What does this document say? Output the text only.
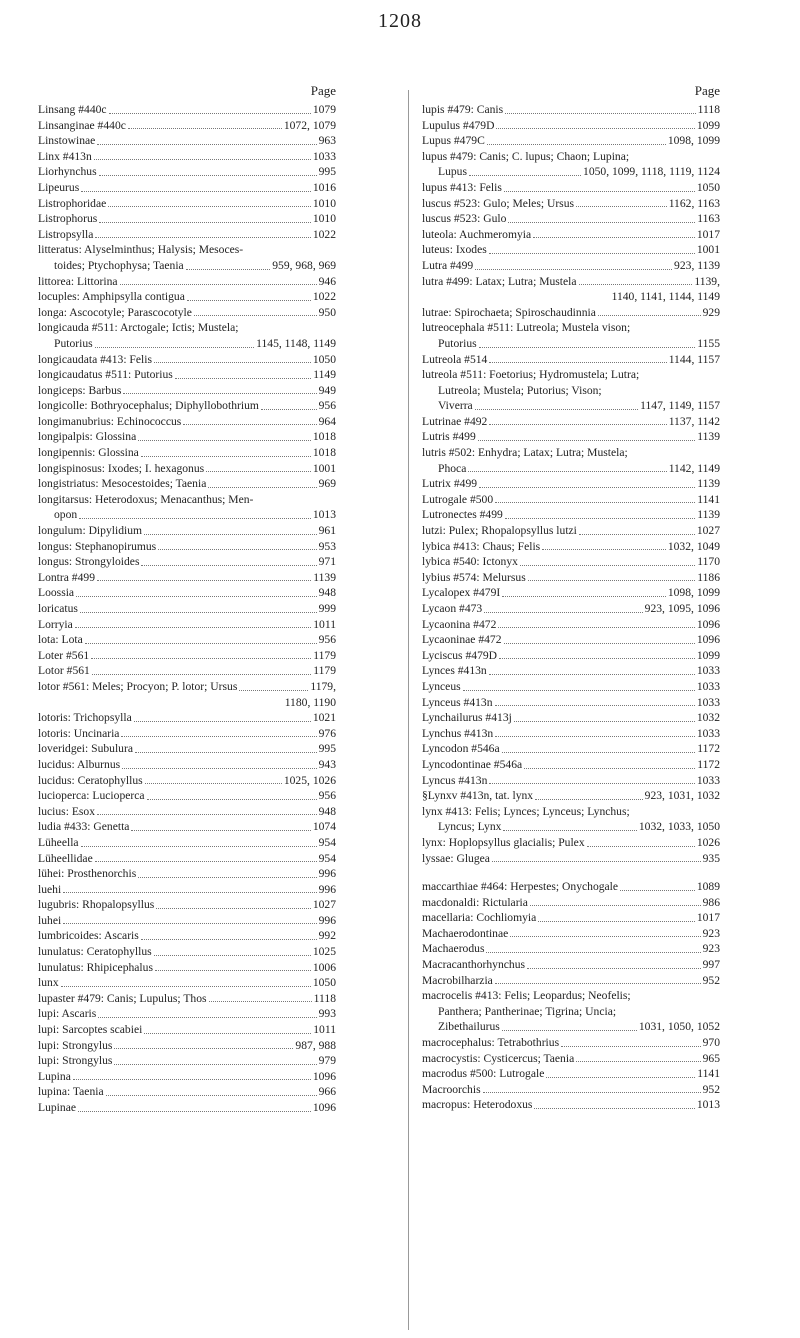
1208
Page
Linsang #440c	1079
Linsanginae #440c	1072, 1079
Linstowinae	963
Linx #413n	1033
Liorhynchus	995
Lipeurus	1016
Listrophoridae	1010
Listrophorus	1010
Listropsylla	1022
litteratus: Alyselminthus; Halysis; Mesoces-
toides; Ptychophysa; Taenia	959, 968, 969
littorea: Littorina	946
locuples: Amphipsylla contigua	1022
longa: Ascocotyle; Parascocotyle	950
longicauda #511: Arctogale; Ictis; Mustela;
Putorius	1145, 1148, 1149
longicaudata #413: Felis	1050
longicaudatus #511: Putorius	1149
longiceps: Barbus	949
longicolle: Bothryocephalus; Diphyllobothrium	956
longimanubrius: Echinococcus	964
longipalpis: Glossina	1018
longipennis: Glossina	1018
longispinosus: Ixodes; I. hexagonus	1001
longistriatus: Mesocestoides; Taenia	969
longitarsus: Heterodoxus; Menacanthus; Men-
opon	1013
longulum: Dipylidium	961
longus: Stephanopirumus	953
longus: Strongyloides	971
Lontra #499	1139
Loossia	948
loricatus	999
Lorryia	1011
lota: Lota	956
Loter #561	1179
Lotor #561	1179
lotor #561: Meles; Procyon; P. lotor; Ursus	1179,
1180, 1190
lotoris: Trichopsylla	1021
lotoris: Uncinaria	976
loveridgei: Subulura	995
lucidus: Alburnus	943
lucidus: Ceratophyllus	1025, 1026
lucioperca: Lucioperca	956
lucius: Esox	948
ludia #433: Genetta	1074
Lüheella	954
Lüheellidae	954
lühei: Prosthenorchis	996
luehi	996
lugubris: Rhopalopsyllus	1027
luhei	996
lumbricoides: Ascaris	992
lunulatus: Ceratophyllus	1025
lunulatus: Rhipicephalus	1006
lunx	1050
lupaster #479: Canis; Lupulus; Thos	1118
lupi: Ascaris	993
lupi: Sarcoptes scabiei	1011
lupi: Strongylus	987, 988
lupi: Strongylus	979
Lupina	1096
lupina: Taenia	966
Lupinae	1096
Page
lupis #479: Canis	1118
Lupulus #479D	1099
Lupus #479C	1098, 1099
lupus #479: Canis; C. lupus; Chaon; Lupina;
Lupus	1050, 1099, 1118, 1119, 1124
lupus #413: Felis	1050
luscus #523: Gulo; Meles; Ursus	1162, 1163
luscus #523: Gulo	1163
luteola: Auchmeromyia	1017
luteus: Ixodes	1001
Lutra #499	923, 1139
lutra #499: Latax; Lutra; Mustela	1139,
1140, 1141, 1144, 1149
lutrae: Spirochaeta; Spiroschaudinnia	929
lutreocephala #511: Lutreola; Mustela vison;
Putorius	1155
Lutreola #514	1144, 1157
lutreola #511: Foetorius; Hydromustela; Lutra;
Lutreola; Mustela; Putorius; Vison;
Viverra	1147, 1149, 1157
Lutrinae #492	1137, 1142
Lutris #499	1139
lutris #502: Enhydra; Latax; Lutra; Mustela;
Phoca	1142, 1149
Lutrix #499	1139
Lutrogale #500	1141
Lutronectes #499	1139
lutzi: Pulex; Rhopalopsyllus lutzi	1027
lybica #413: Chaus; Felis	1032, 1049
lybica #540: Ictonyx	1170
lybius #574: Melursus	1186
Lycalopex #479I	1098, 1099
Lycaon #473	923, 1095, 1096
Lycaonina #472	1096
Lycaoninae #472	1096
Lyciscus #479D	1099
Lynces #413n	1033
Lynceus	1033
Lynceus #413n	1033
Lynchailurus #413j	1032
Lynchus #413n	1033
Lyncodon #546a	1172
Lyncodontinae #546a	1172
Lyncus #413n	1033
§Lynxv #413n, tat. lynx	923, 1031, 1032
lynx #413: Felis; Lynces; Lynceus; Lynchus;
Lyncus; Lynx	1032, 1033, 1050
lynx: Hoplopsyllus glacialis; Pulex	1026
lyssae: Glugea	935
maccarthiae #464: Herpestes; Onychogale	1089
macdonaldi: Rictularia	986
macellaria: Cochliomyia	1017
Machaerodontinae	923
Machaerodus	923
Macracanthorhynchus	997
Macrobilharzia	952
macrocelis #413: Felis; Leopardus; Neofelis;
Panthera; Pantherinae; Tigrina; Uncia;
Zibethailurus	1031, 1050, 1052
macrocephalus: Tetrabothrius	970
macrocystis: Cysticercus; Taenia	965
macrodus #500: Lutrogale	1141
Macroorchis	952
macropus: Heterodoxus	1013
